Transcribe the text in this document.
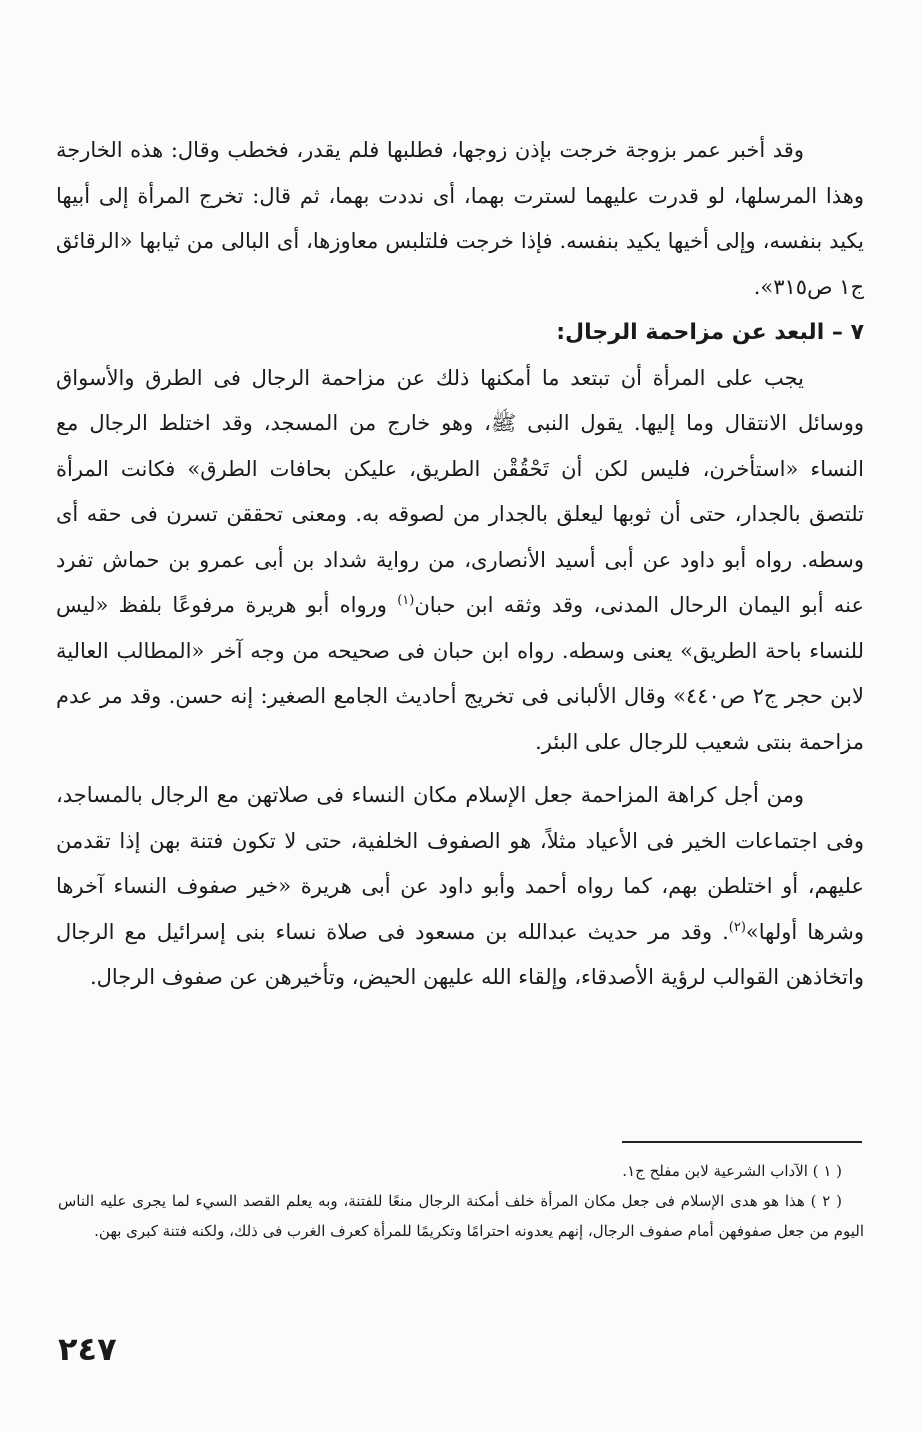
وقد أخبر عمر بزوجة خرجت بإذن زوجها، فطلبها فلم يقدر، فخطب وقال: هذه الخارجة وهذا المرسلها، لو قدرت عليهما لسترت بهما، أى نددت بهما، ثم قال: تخرج المرأة إلى أبيها يكيد بنفسه، وإلى أخيها يكيد بنفسه. فإذا خرجت فلتلبس معاوزها، أى البالى من ثيابها «الرقائق ج١ ص٣١٥».

٧ – البعد عن مزاحمة الرجال:

يجب على المرأة أن تبتعد ما أمكنها ذلك عن مزاحمة الرجال فى الطرق والأسواق ووسائل الانتقال وما إليها. يقول النبى ﷺ، وهو خارج من المسجد، وقد اختلط الرجال مع النساء «استأخرن، فليس لكن أن تَحْقُقْن الطريق، عليكن بحافات الطرق» فكانت المرأة تلتصق بالجدار، حتى أن ثوبها ليعلق بالجدار من لصوقه به. ومعنى تحققن تسرن فى حقه أى وسطه. رواه أبو داود عن أبى أسيد الأنصارى، من رواية شداد بن أبى عمرو بن حماش تفرد عنه أبو اليمان الرحال المدنى، وقد وثقه ابن حبان$^{(١)}$ ورواه أبو هريرة مرفوعًا بلفظ «ليس للنساء باحة الطريق» يعنى وسطه. رواه ابن حبان فى صحيحه من وجه آخر «المطالب العالية لابن حجر ج٢ ص٤٤٠» وقال الألبانى فى تخريج أحاديث الجامع الصغير: إنه حسن. وقد مر عدم مزاحمة بنتى شعيب للرجال على البئر.

ومن أجل كراهة المزاحمة جعل الإسلام مكان النساء فى صلاتهن مع الرجال بالمساجد، وفى اجتماعات الخير فى الأعياد مثلاً، هو الصفوف الخلفية، حتى لا تكون فتنة بهن إذا تقدمن عليهم، أو اختلطن بهم، كما رواه أحمد وأبو داود عن أبى هريرة «خير صفوف النساء آخرها وشرها أولها»$^{(٢)}$. وقد مر حديث عبدالله بن مسعود فى صلاة نساء بنى إسرائيل مع الرجال واتخاذهن القوالب لرؤية الأصدقاء، وإلقاء الله عليهن الحيض، وتأخيرهن عن صفوف الرجال.

( ١ ) الآداب الشرعية لابن مفلح ج١.

( ٢ ) هذا هو هدى الإسلام فى جعل مكان المرأة خلف أمكنة الرجال منعًا للفتنة، وبه يعلم القصد السيء لما يجرى عليه الناس اليوم من جعل صفوفهن أمام صفوف الرجال، إنهم يعدونه احترامًا وتكريمًا للمرأة كعرف الغرب فى ذلك، ولكنه فتنة كبرى بهن.

٢٤٧
